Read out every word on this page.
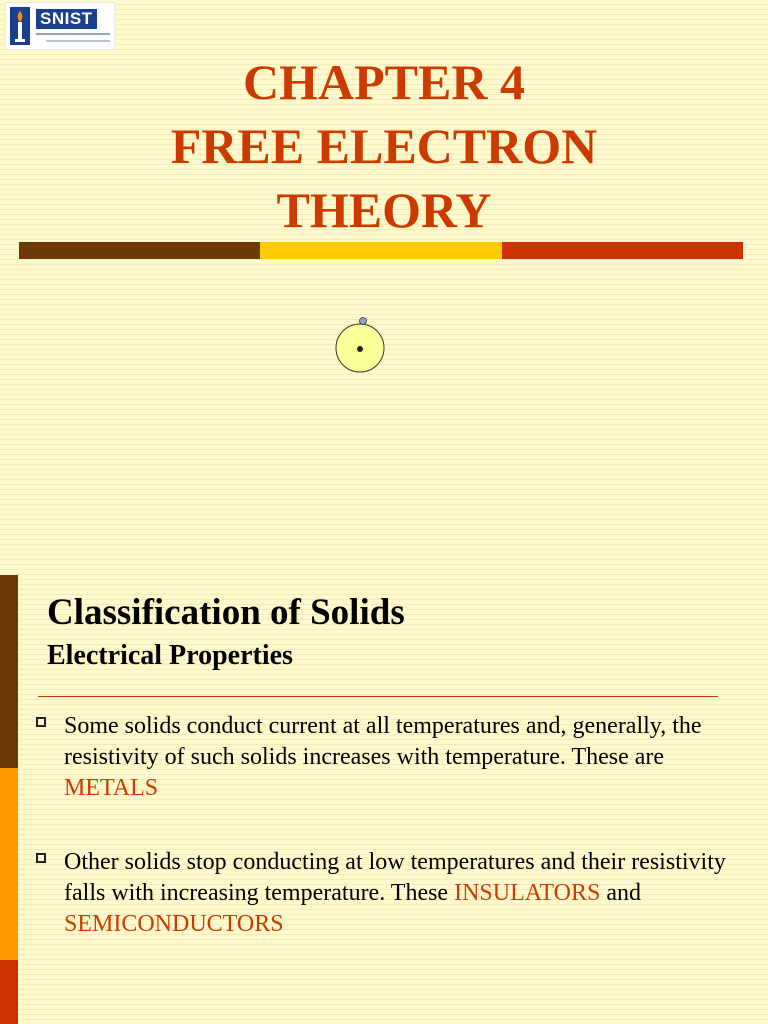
SNIST
CHAPTER 4
FREE ELECTRON
THEORY
Classification of Solids
Electrical Properties
Some solids conduct current at all temperatures and, generally, the resistivity of such solids increases with temperature. These are METALS
Other solids stop conducting at low temperatures and their resistivity falls with increasing temperature. These INSULATORS and SEMICONDUCTORS
